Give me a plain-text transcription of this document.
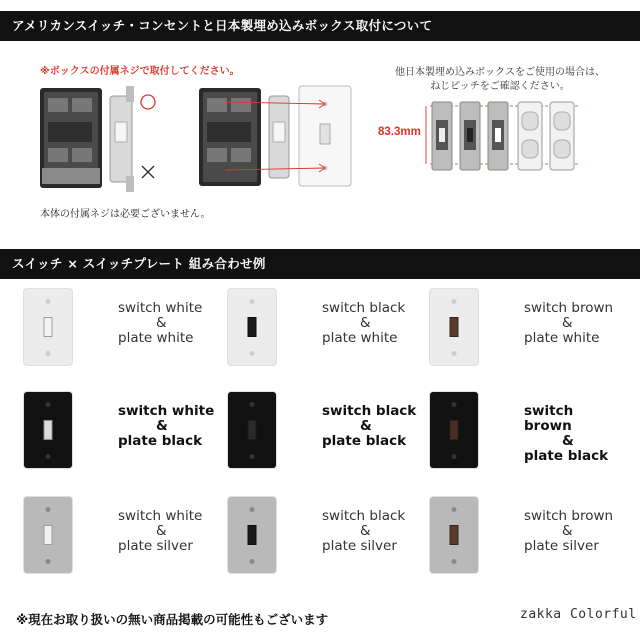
アメリカンスイッチ・コンセントと日本製埋め込みボックス取付について
※ボックスの付属ネジで取付してください。
本体の付属ネジは必要ございません。
他日本製埋め込みボックスをご使用の場合は、
ねじピッチをご確認ください。
83.3mm
スイッチ × スイッチプレート 組み合わせ例
switch white
&
plate white
switch black
&
plate white
switch brown
&
plate white
switch white
&
plate black
switch black
&
plate black
switch brown
&
plate black
switch white
&
plate silver
switch black
&
plate silver
switch brown
&
plate silver
※現在お取り扱いの無い商品掲載の可能性もございます	zakka Colorful
